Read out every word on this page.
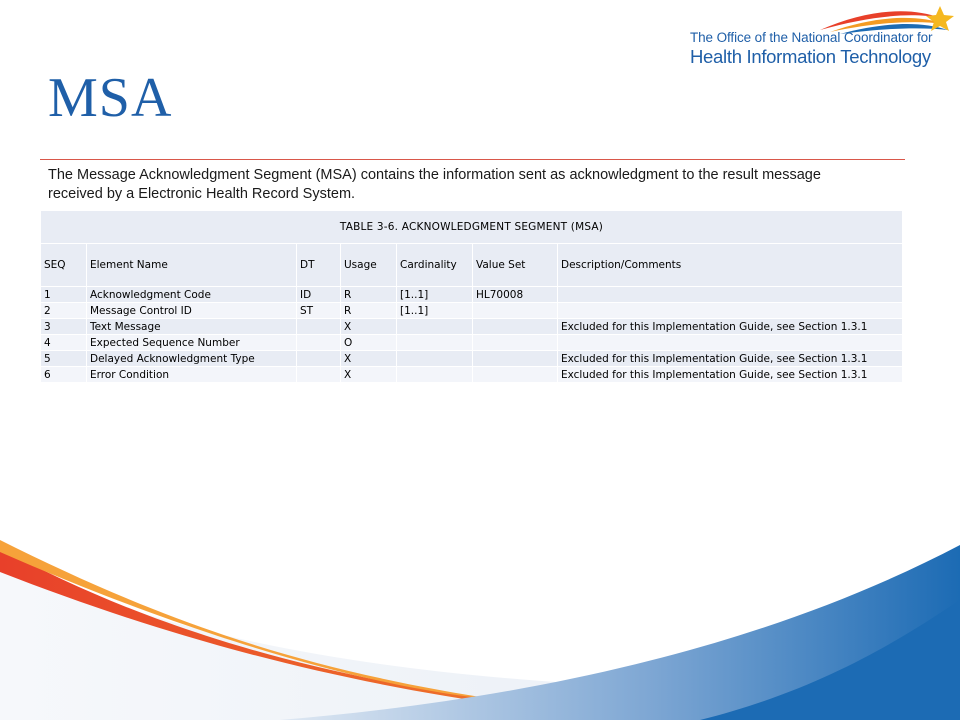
The Office of the National Coordinator for
Health Information Technology
MSA
The Message Acknowledgment Segment (MSA) contains the information sent as acknowledgment to the result message received by a Electronic Health Record System.
TABLE 3-6. ACKNOWLEDGMENT SEGMENT (MSA)						
SEQ	Element Name	DT	Usage	Cardinality	Value Set	Description/Comments
1	Acknowledgment Code	ID	R	[1..1]	HL70008	
2	Message Control ID	ST	R	[1..1]		
3	Text Message		X			Excluded for this Implementation Guide, see Section 1.3.1
4	Expected Sequence Number		O			
5	Delayed Acknowledgment Type		X			Excluded for this Implementation Guide, see Section 1.3.1
6	Error Condition		X			Excluded for this Implementation Guide, see Section 1.3.1
